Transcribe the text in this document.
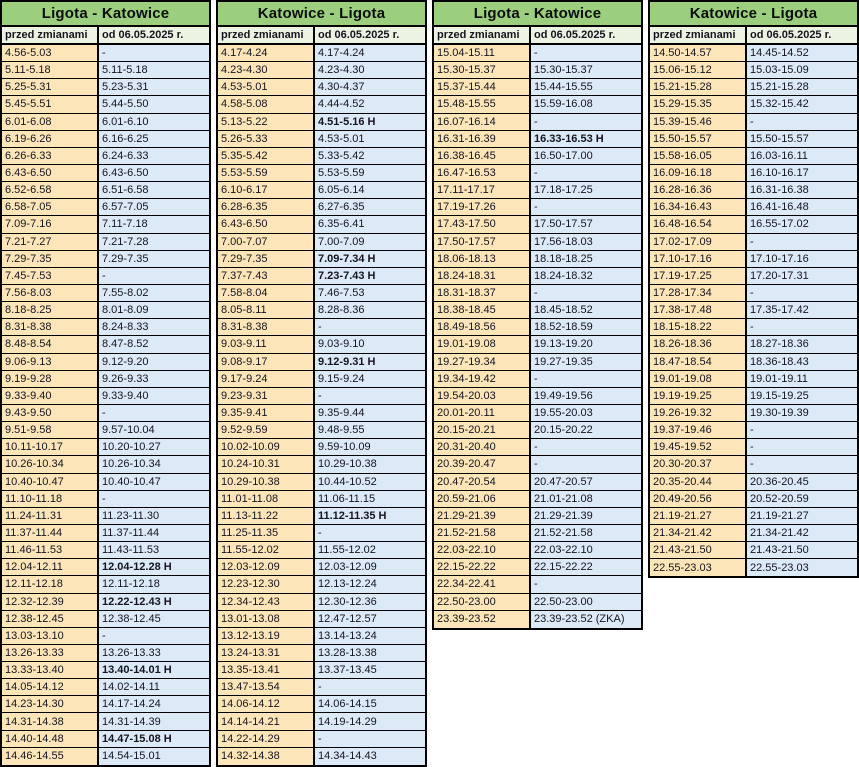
Ligota - Katowice
przed zmianami	od 06.05.2025 r.
4.56-5.03	-
5.11-5.18	5.11-5.18
5.25-5.31	5.23-5.31
5.45-5.51	5.44-5.50
6.01-6.08	6.01-6.10
6.19-6.26	6.16-6.25
6.26-6.33	6.24-6.33
6.43-6.50	6.43-6.50
6.52-6.58	6.51-6.58
6.58-7.05	6.57-7.05
7.09-7.16	7.11-7.18
7.21-7.27	7.21-7.28
7.29-7.35	7.29-7.35
7.45-7.53	-
7.56-8.03	7.55-8.02
8.18-8.25	8.01-8.09
8.31-8.38	8.24-8.33
8.48-8.54	8.47-8.52
9.06-9.13	9.12-9.20
9.19-9.28	9.26-9.33
9.33-9.40	9.33-9.40
9.43-9.50	-
9.51-9.58	9.57-10.04
10.11-10.17	10.20-10.27
10.26-10.34	10.26-10.34
10.40-10.47	10.40-10.47
11.10-11.18	-
11.24-11.31	11.23-11.30
11.37-11.44	11.37-11.44
11.46-11.53	11.43-11.53
12.04-12.11	12.04-12.28 H
12.11-12.18	12.11-12.18
12.32-12.39	12.22-12.43 H
12.38-12.45	12.38-12.45
13.03-13.10	-
13.26-13.33	13.26-13.33
13.33-13.40	13.40-14.01 H
14.05-14.12	14.02-14.11
14.23-14.30	14.17-14.24
14.31-14.38	14.31-14.39
14.40-14.48	14.47-15.08 H
14.46-14.55	14.54-15.01
Katowice - Ligota
przed zmianami	od 06.05.2025 r.
4.17-4.24	4.17-4.24
4.23-4.30	4.23-4.30
4.53-5.01	4.30-4.37
4.58-5.08	4.44-4.52
5.13-5.22	4.51-5.16 H
5.26-5.33	4.53-5.01
5.35-5.42	5.33-5.42
5.53-5.59	5.53-5.59
6.10-6.17	6.05-6.14
6.28-6.35	6.27-6.35
6.43-6.50	6.35-6.41
7.00-7.07	7.00-7.09
7.29-7.35	7.09-7.34 H
7.37-7.43	7.23-7.43 H
7.58-8.04	7.46-7.53
8.05-8.11	8.28-8.36
8.31-8.38	-
9.03-9.11	9.03-9.10
9.08-9.17	9.12-9.31 H
9.17-9.24	9.15-9.24
9.23-9.31	-
9.35-9.41	9.35-9.44
9.52-9.59	9.48-9.55
10.02-10.09	9.59-10.09
10.24-10.31	10.29-10.38
10.29-10.38	10.44-10.52
11.01-11.08	11.06-11.15
11.13-11.22	11.12-11.35 H
11.25-11.35	-
11.55-12.02	11.55-12.02
12.03-12.09	12.03-12.09
12.23-12.30	12.13-12.24
12.34-12.43	12.30-12.36
13.01-13.08	12.47-12.57
13.12-13.19	13.14-13.24
13.24-13.31	13.28-13.38
13.35-13.41	13.37-13.45
13.47-13.54	-
14.06-14.12	14.06-14.15
14.14-14.21	14.19-14.29
14.22-14.29	-
14.32-14.38	14.34-14.43
Ligota - Katowice
przed zmianami	od 06.05.2025 r.
15.04-15.11	-
15.30-15.37	15.30-15.37
15.37-15.44	15.44-15.55
15.48-15.55	15.59-16.08
16.07-16.14	-
16.31-16.39	16.33-16.53 H
16.38-16.45	16.50-17.00
16.47-16.53	-
17.11-17.17	17.18-17.25
17.19-17.26	-
17.43-17.50	17.50-17.57
17.50-17.57	17.56-18.03
18.06-18.13	18.18-18.25
18.24-18.31	18.24-18.32
18.31-18.37	-
18.38-18.45	18.45-18.52
18.49-18.56	18.52-18.59
19.01-19.08	19.13-19.20
19.27-19.34	19.27-19.35
19.34-19.42	-
19.54-20.03	19.49-19.56
20.01-20.11	19.55-20.03
20.15-20.21	20.15-20.22
20.31-20.40	-
20.39-20.47	-
20.47-20.54	20.47-20.57
20.59-21.06	21.01-21.08
21.29-21.39	21.29-21.39
21.52-21.58	21.52-21.58
22.03-22.10	22.03-22.10
22.15-22.22	22.15-22.22
22.34-22.41	-
22.50-23.00	22.50-23.00
23.39-23.52	23.39-23.52 (ZKA)
Katowice - Ligota
przed zmianami	od 06.05.2025 r.
14.50-14.57	14.45-14.52
15.06-15.12	15.03-15.09
15.21-15.28	15.21-15.28
15.29-15.35	15.32-15.42
15.39-15.46	-
15.50-15.57	15.50-15.57
15.58-16.05	16.03-16.11
16.09-16.18	16.10-16.17
16.28-16.36	16.31-16.38
16.34-16.43	16.41-16.48
16.48-16.54	16.55-17.02
17.02-17.09	-
17.10-17.16	17.10-17.16
17.19-17.25	17.20-17.31
17.28-17.34	-
17.38-17.48	17.35-17.42
18.15-18.22	-
18.26-18.36	18.27-18.36
18.47-18.54	18.36-18.43
19.01-19.08	19.01-19.11
19.19-19.25	19.15-19.25
19.26-19.32	19.30-19.39
19.37-19.46	-
19.45-19.52	-
20.30-20.37	-
20.35-20.44	20.36-20.45
20.49-20.56	20.52-20.59
21.19-21.27	21.19-21.27
21.34-21.42	21.34-21.42
21.43-21.50	21.43-21.50
22.55-23.03	22.55-23.03
